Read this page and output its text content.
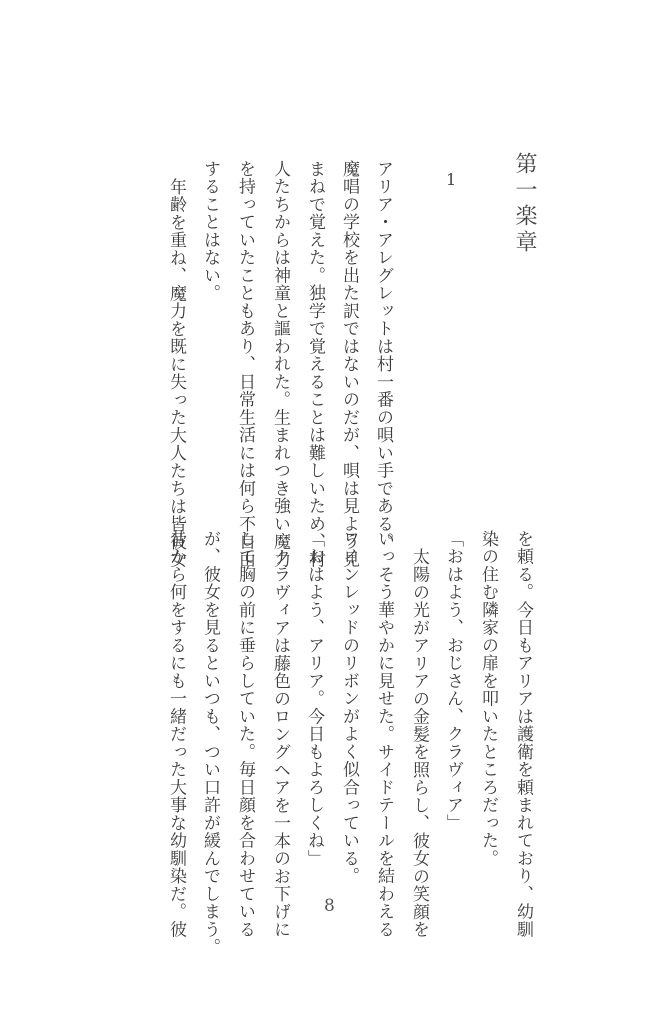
第一楽章
1
アリア・アレグレットは村一番の唄い手である。
魔唱の学校を出た訳ではないのだが、唄は見よう見
まねで覚えた。独学で覚えることは難しいため、村
人たちからは神童と謳われた。生まれつき強い魔力
を持っていたこともあり、日常生活には何ら不自由
することはない。
年齢を重ね、魔力を既に失った大人たちは皆彼女
を頼る。今日もアリアは護衛を頼まれており、幼馴
染の住む隣家の扉を叩いたところだった。
「おはよう、おじさん、クラヴィア」
太陽の光がアリアの金髪を照らし、彼女の笑顔を
いっそう華やかに見せた。サイドテールを結わえる
ワインレッドのリボンがよく似合っている。
「おはよう、アリア。今日もよろしくね」
クラヴィアは藤色のロングヘアを一本のお下げに
して胸の前に垂らしていた。毎日顔を合わせている
が、彼女を見るといつも、つい口許が緩んでしまう。
昔から何をするにも一緒だった大事な幼馴染だ。彼	8
